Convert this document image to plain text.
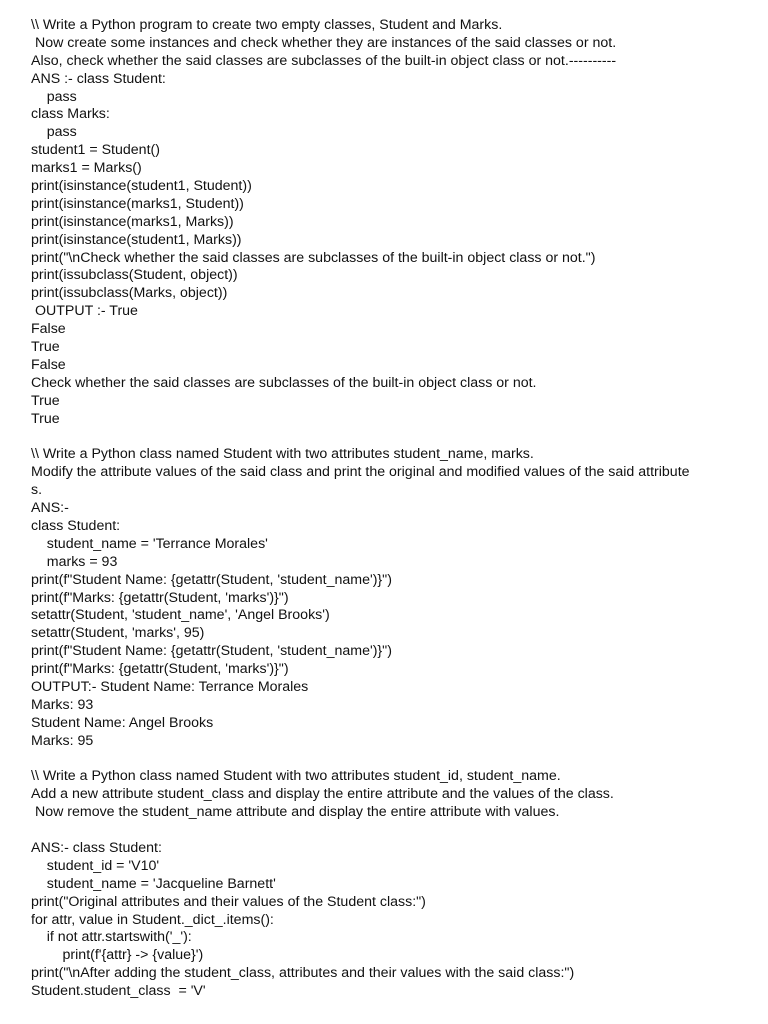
\\ Write a Python program to create two empty classes, Student and Marks.
Now create some instances and check whether they are instances of the said classes or not.
Also, check whether the said classes are subclasses of the built-in object class or not.----------
ANS :- class Student:
pass
class Marks:
pass
student1 = Student()
marks1 = Marks()
print(isinstance(student1, Student))
print(isinstance(marks1, Student))
print(isinstance(marks1, Marks))
print(isinstance(student1, Marks))
print("\nCheck whether the said classes are subclasses of the built-in object class or not.")
print(issubclass(Student, object))
print(issubclass(Marks, object))
OUTPUT :- True
False
True
False
Check whether the said classes are subclasses of the built-in object class or not.
True
True
\\ Write a Python class named Student with two attributes student_name, marks.
Modify the attribute values of the said class and print the original and modified values of the said attribute
s.
ANS:-
class Student:
student_name = 'Terrance Morales'
marks = 93
print(f"Student Name: {getattr(Student, 'student_name')}")
print(f"Marks: {getattr(Student, 'marks')}")
setattr(Student, 'student_name', 'Angel Brooks')
setattr(Student, 'marks', 95)
print(f"Student Name: {getattr(Student, 'student_name')}")
print(f"Marks: {getattr(Student, 'marks')}")
OUTPUT:- Student Name: Terrance Morales
Marks: 93
Student Name: Angel Brooks
Marks: 95
\\ Write a Python class named Student with two attributes student_id, student_name.
Add a new attribute student_class and display the entire attribute and the values of the class.
Now remove the student_name attribute and display the entire attribute with values.
ANS:- class Student:
student_id = 'V10'
student_name = 'Jacqueline Barnett'
print("Original attributes and their values of the Student class:")
for attr, value in Student._dict_.items():
if not attr.startswith('_'):
print(f'{attr} -> {value}')
print("\nAfter adding the student_class, attributes and their values with the said class:")
Student.student_class  = 'V'
